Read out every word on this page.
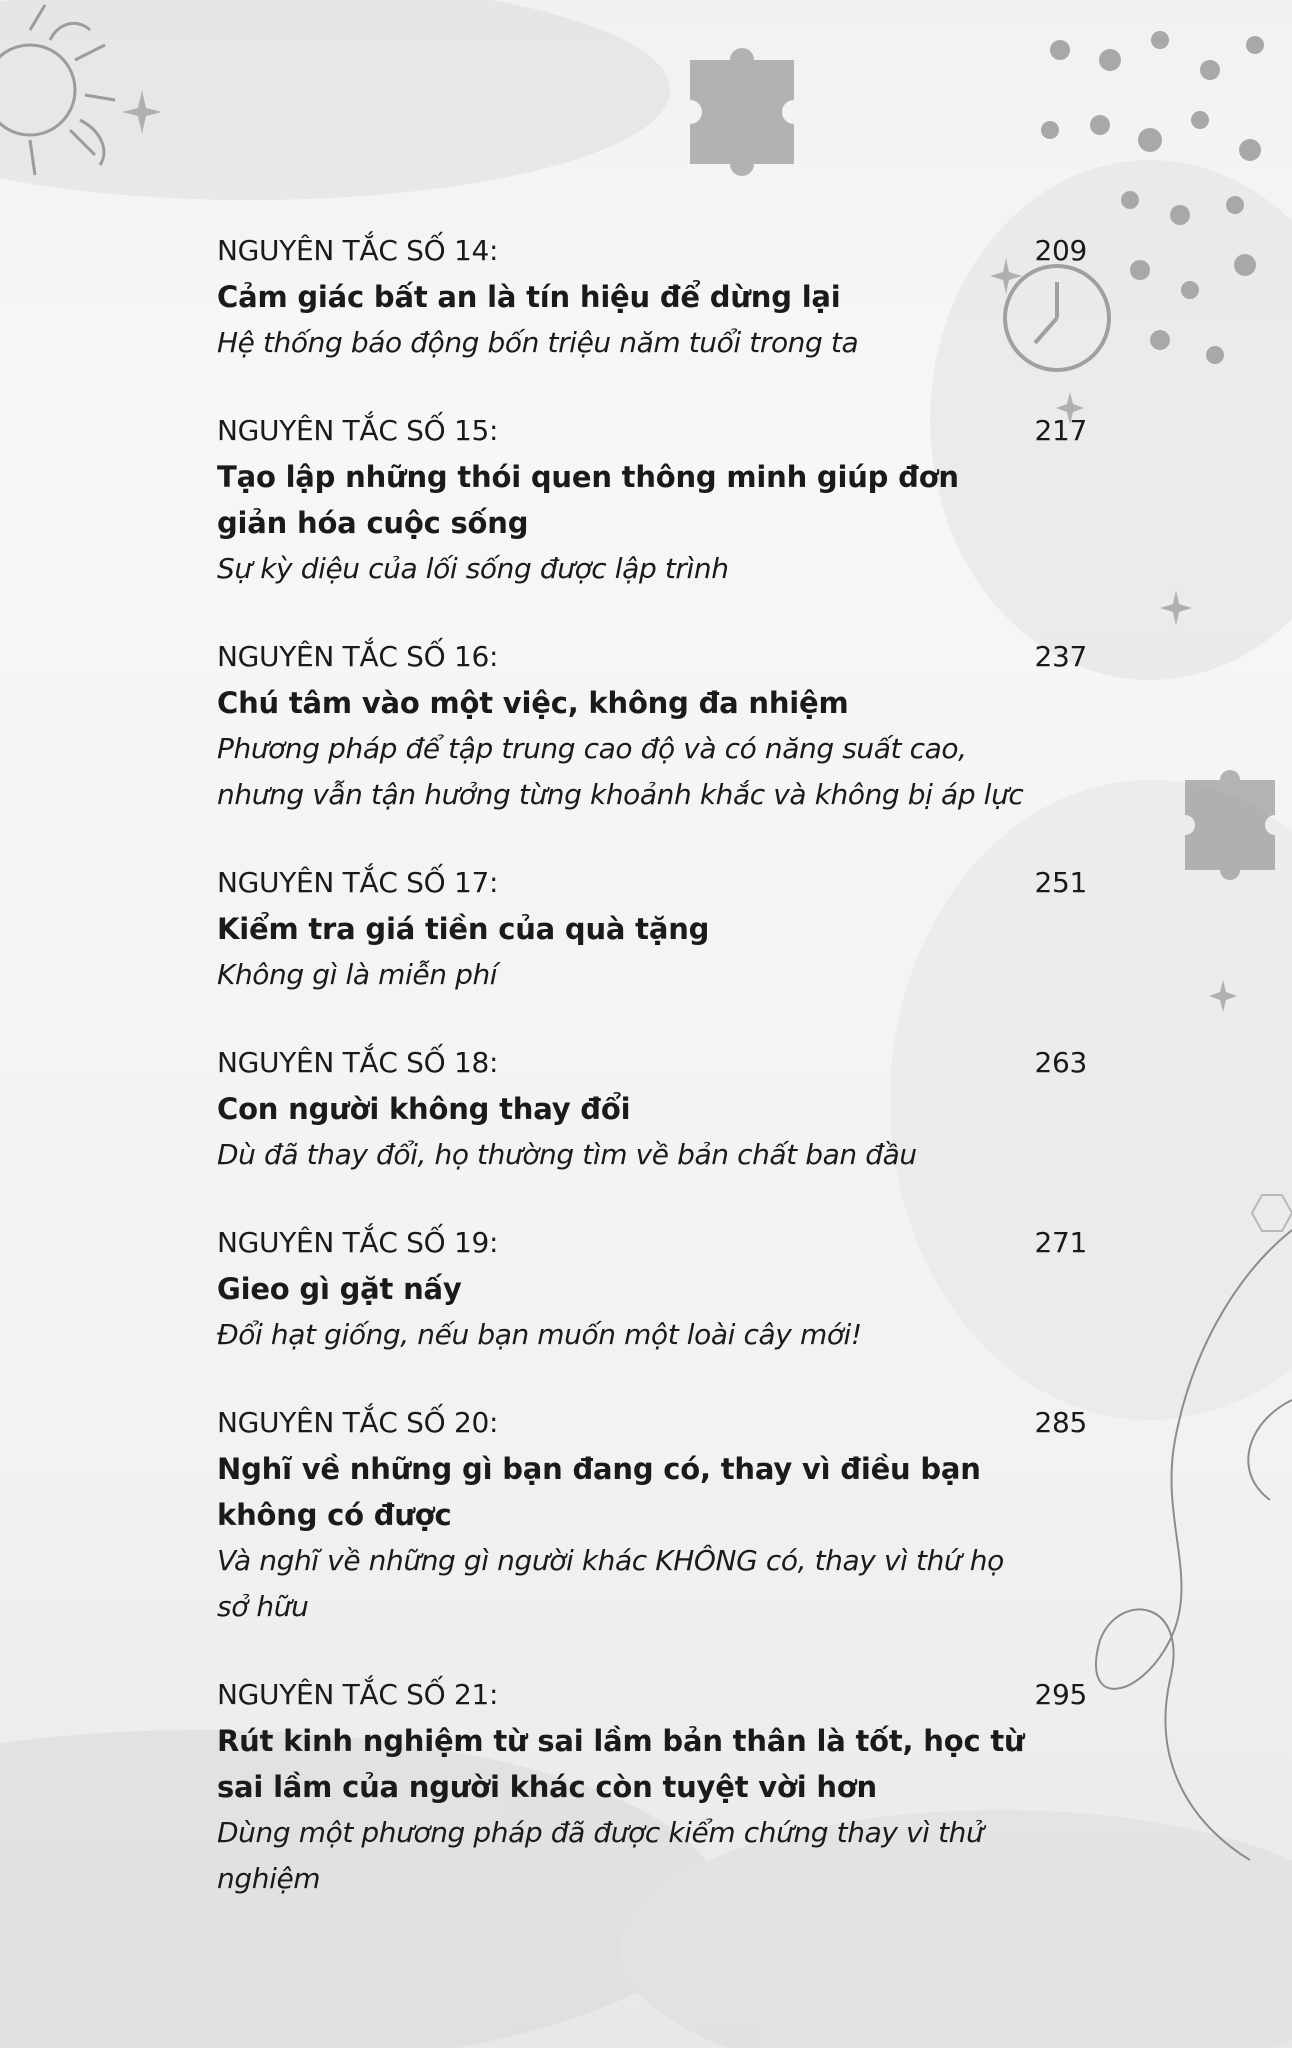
NGUYÊN TẮC SỐ 14:	209
Cảm giác bất an là tín hiệu để dừng lại
Hệ thống báo động bốn triệu năm tuổi trong ta
NGUYÊN TẮC SỐ 15:	217
Tạo lập những thói quen thông minh giúp đơn giản hóa cuộc sống
Sự kỳ diệu của lối sống được lập trình
NGUYÊN TẮC SỐ 16:	237
Chú tâm vào một việc, không đa nhiệm
Phương pháp để tập trung cao độ và có năng suất cao, nhưng vẫn tận hưởng từng khoảnh khắc và không bị áp lực
NGUYÊN TẮC SỐ 17:	251
Kiểm tra giá tiền của quà tặng
Không gì là miễn phí
NGUYÊN TẮC SỐ 18:	263
Con người không thay đổi
Dù đã thay đổi, họ thường tìm về bản chất ban đầu
NGUYÊN TẮC SỐ 19:	271
Gieo gì gặt nấy
Đổi hạt giống, nếu bạn muốn một loài cây mới!
NGUYÊN TẮC SỐ 20:	285
Nghĩ về những gì bạn đang có, thay vì điều bạn không có được
Và nghĩ về những gì người khác KHÔNG có, thay vì thứ họ sở hữu
NGUYÊN TẮC SỐ 21:	295
Rút kinh nghiệm từ sai lầm bản thân là tốt, học từ sai lầm của người khác còn tuyệt vời hơn
Dùng một phương pháp đã được kiểm chứng thay vì thử nghiệm
